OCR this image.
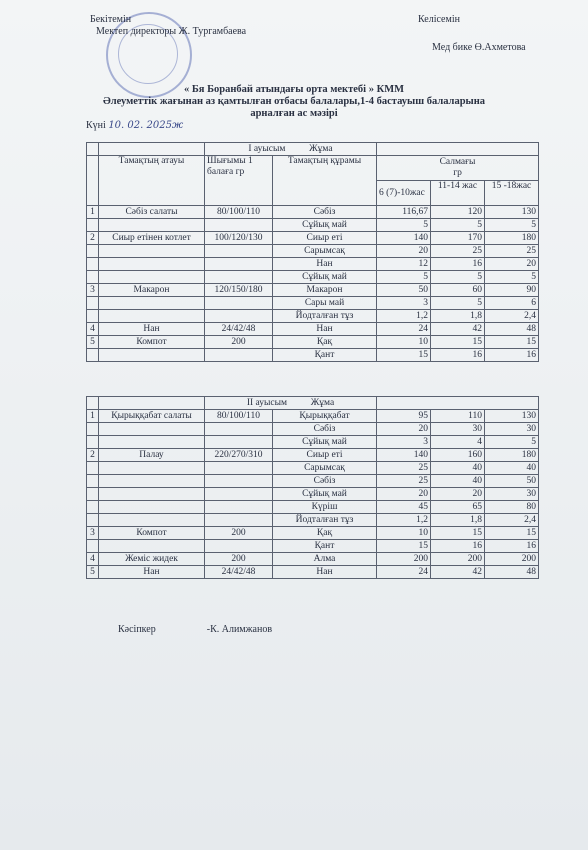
Бекітемін
Мектеп директоры Ж. Тургамбаева
Келісемін
Мед бике Ө.Ахметова
« Бя Боранбай атындағы орта мектебі » КММ
Әлеуметтік жағынан аз қамтылған отбасы балалары,1-4 бастауыш балаларына
арналған ас мәзірі
Күні 10. 02. 2025ж
		I ауысым Жұма				
	Тамақтың атауы	Шығымы 1 балаға гр	Тамақтың құрамы	Салмағы
гр		

				6 (7)-10жас	11-14 жас	15 -18жас
1	Сәбіз салаты	80/100/110	Сәбіз	116,67	120	130
			Сұйық май	5	5	5
2	Сиыр етінен котлет	100/120/130	Сиыр еті	140	170	180
			Сарымсақ	20	25	25
			Нан	12	16	20
			Сұйық май	5	5	5
3	Макарон	120/150/180	Макарон	50	60	90
			Сары май	3	5	6
			Йодталған тұз	1,2	1,8	2,4
4	Нан	24/42/48	Нан	24	42	48
5	Компот	200	Қақ	10	15	15
			Қант	15	16	16
		II ауысым Жұма				
1	Қырыққабат салаты	80/100/110	Қырыққабат	95	110	130
			Сәбіз	20	30	30
			Сұйық май	3	4	5
2	Палау	220/270/310	Сиыр еті	140	160	180
			Сарымсақ	25	40	40
			Сәбіз	25	40	50
			Сұйық май	20	20	30
			Күріш	45	65	80
			Йодталған тұз	1,2	1,8	2,4
3	Компот	200	Қақ	10	15	15
			Қант	15	16	16
4	Жеміс жидек	200	Алма	200	200	200
5	Нан	24/42/48	Нан	24	42	48
Кәсіпкер	-К. Алимжанов
